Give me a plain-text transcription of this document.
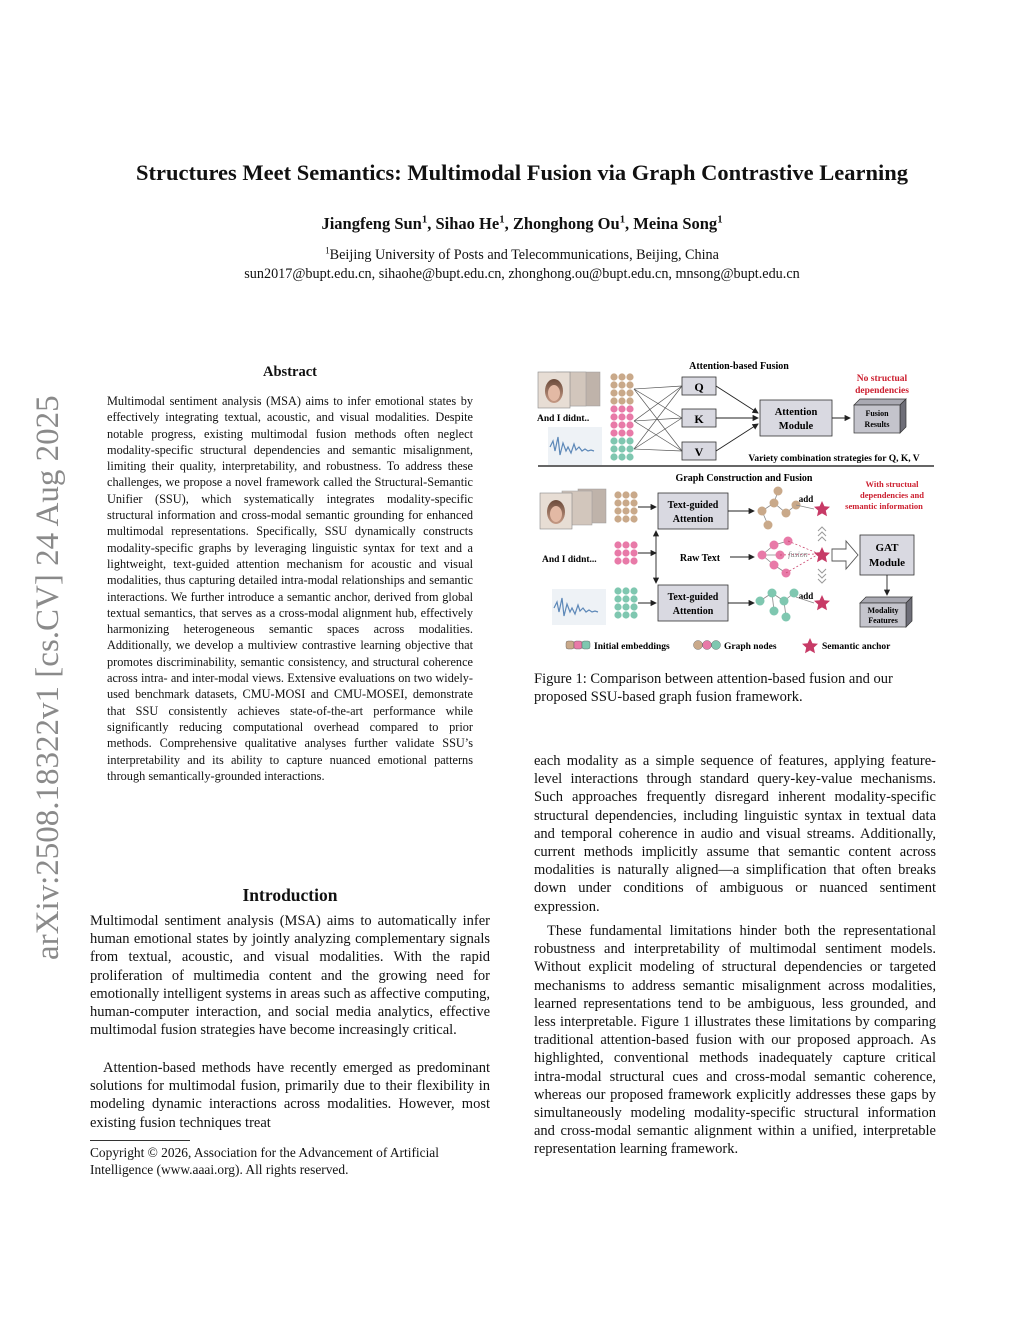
arXiv:2508.18322v1 [cs.CV] 24 Aug 2025
Structures Meet Semantics: Multimodal Fusion via Graph Contrastive Learning

Jiangfeng Sun$^1$, Sihao He$^1$, Zhonghong Ou$^1$, Meina Song$^1$

$^1$Beijing University of Posts and Telecommunications, Beijing, China
sun2017@bupt.edu.cn, sihaohe@bupt.edu.cn, zhonghong.ou@bupt.edu.cn, mnsong@bupt.edu.cn

Abstract

Multimodal sentiment analysis (MSA) aims to infer emotional states by effectively integrating textual, acoustic, and visual modalities. Despite notable progress, existing multimodal fusion methods often neglect modality-specific structural dependencies and semantic misalignment, limiting their quality, interpretability, and robustness. To address these challenges, we propose a novel framework called the Structural-Semantic Unifier (SSU), which systematically integrates modality-specific structural information and cross-modal semantic grounding for enhanced multimodal representations. Specifically, SSU dynamically constructs modality-specific graphs by leveraging linguistic syntax for text and a lightweight, text-guided attention mechanism for acoustic and visual modalities, thus capturing detailed intra-modal relationships and semantic interactions. We further introduce a semantic anchor, derived from global textual semantics, that serves as a cross-modal alignment hub, effectively harmonizing heterogeneous semantic spaces across modalities. Additionally, we develop a multiview contrastive learning objective that promotes discriminability, semantic consistency, and structural coherence across intra- and inter-modal views. Extensive evaluations on two widely-used benchmark datasets, CMU-MOSI and CMU-MOSEI, demonstrate that SSU consistently achieves state-of-the-art performance while significantly reducing computational overhead compared to prior methods. Comprehensive qualitative analyses further validate SSU’s interpretability and its ability to capture nuanced emotional patterns through semantically-grounded interactions.

Introduction

Multimodal sentiment analysis (MSA) aims to automatically infer human emotional states by jointly analyzing complementary signals from textual, acoustic, and visual modalities. With the rapid proliferation of multimedia content and the growing need for emotionally intelligent systems in areas such as affective computing, human-computer interaction, and social media analytics, effective multimodal fusion strategies have become increasingly critical.

Attention-based methods have recently emerged as predominant solutions for multimodal fusion, primarily due to their flexibility in modeling dynamic interactions across modalities. However, most existing fusion techniques treat

Copyright © 2026, Association for the Advancement of Artificial Intelligence (www.aaai.org). All rights reserved.

Attention-based Fusion
And I didnt..
Q
K
V
Attention
Module
Fusion
Results
No structual
dependencies
Variety combination strategies for Q, K, V
Graph Construction and Fusion	With structual
dependencies and
semantic information
And I didnt...
Text-guided
Attention
Text-guided
Attention
Raw Text
add
add
fusion
GAT
Module
Modality
Features
Initial embeddings	Graph nodes	Semantic anchor

Figure 1: Comparison between attention-based fusion and our proposed SSU-based graph fusion framework.

each modality as a simple sequence of features, applying feature-level interactions through standard query-key-value mechanisms. Such approaches frequently disregard inherent modality-specific structural dependencies, including linguistic syntax in textual data and temporal coherence in audio and visual streams. Additionally, current methods implicitly assume that semantic content across modalities is naturally aligned—a simplification that often breaks down under conditions of ambiguous or nuanced sentiment expression.

These fundamental limitations hinder both the representational robustness and interpretability of multimodal sentiment models. Without explicit modeling of structural dependencies or targeted mechanisms to address semantic misalignment across modalities, learned representations tend to be ambiguous, less grounded, and less interpretable. Figure 1 illustrates these limitations by comparing traditional attention-based fusion with our proposed approach. As highlighted, conventional methods inadequately capture critical intra-modal structural cues and cross-modal semantic coherence, whereas our proposed framework explicitly addresses these gaps by simultaneously modeling modality-specific structural information and cross-modal semantic alignment within a unified, interpretable representation learning framework.
